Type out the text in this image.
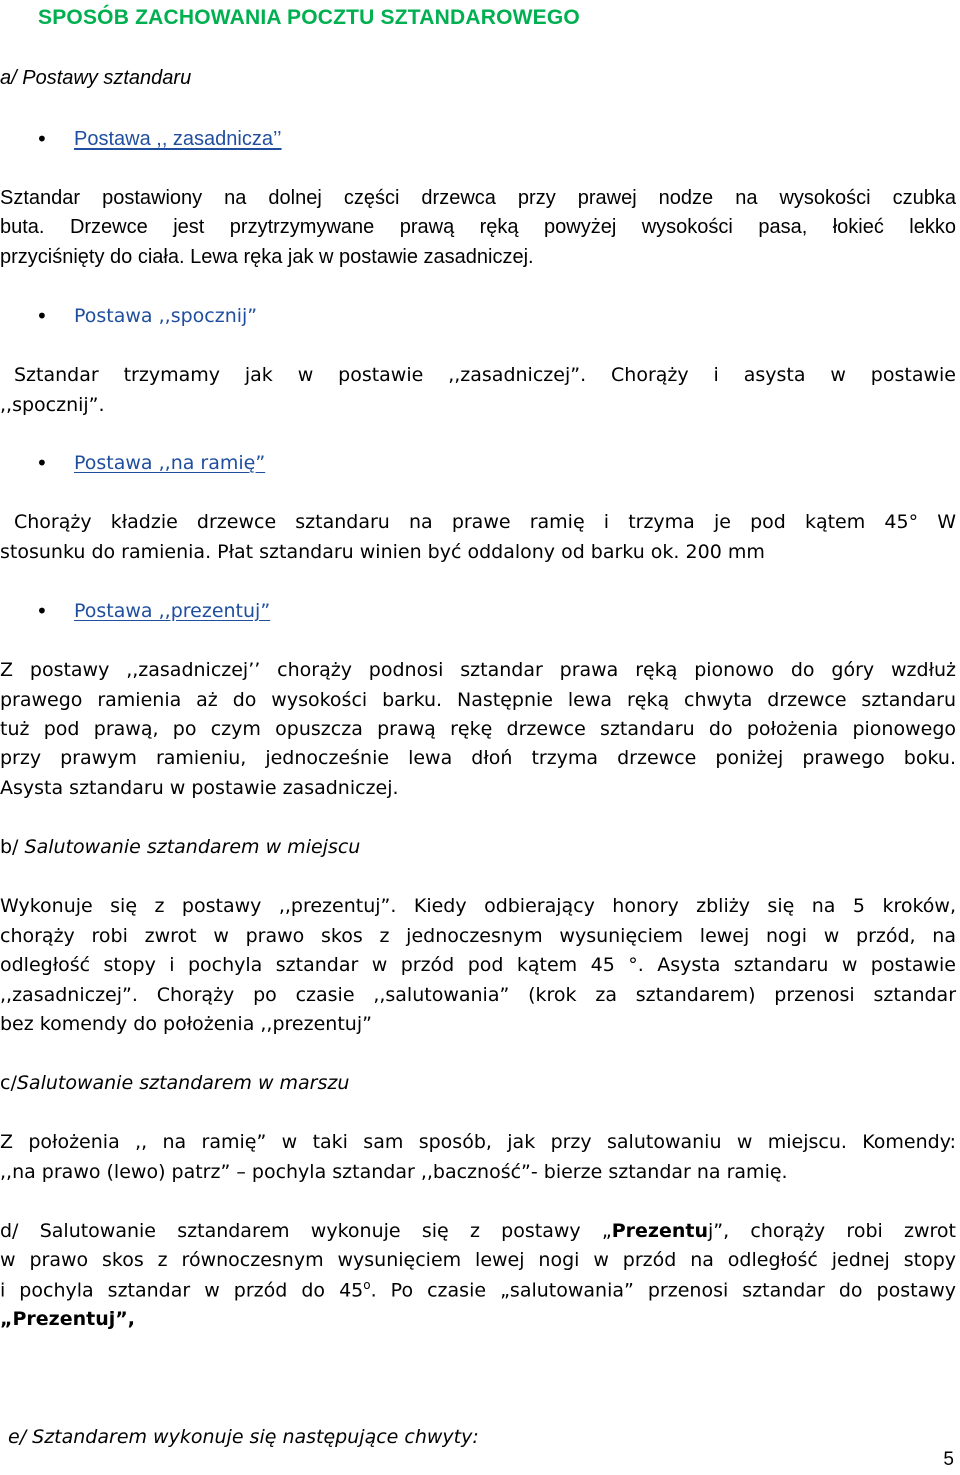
SPOSÓB ZACHOWANIA POCZTU SZTANDAROWEGO
a/ Postawy sztandaru
• Postawa ,, zasadnicza’’
Sztandar postawiony na dolnej części drzewca przy prawej nodze na wysokości czubka
buta. Drzewce jest przytrzymywane prawą ręką powyżej wysokości pasa, łokieć lekko
przyciśnięty do ciała. Lewa ręka jak w postawie zasadniczej.
• Postawa ,,spocznij”
Sztandar trzymamy jak w postawie ,,zasadniczej”. Chorąży i asysta w postawie
,,spocznij”.
• Postawa ,,na ramię”
Chorąży kładzie drzewce sztandaru na prawe ramię i trzyma je pod kątem 45° W
stosunku do ramienia. Płat sztandaru winien być oddalony od barku ok. 200 mm
• Postawa ,,prezentuj”
Z postawy ,,zasadniczej’’ chorąży podnosi sztandar prawa ręką pionowo do góry wzdłuż
prawego ramienia aż do wysokości barku. Następnie lewa ręką chwyta drzewce sztandaru
tuż pod prawą, po czym opuszcza prawą rękę drzewce sztandaru do położenia pionowego
przy prawym ramieniu, jednocześnie lewa dłoń trzyma drzewce poniżej prawego boku.
Asysta sztandaru w postawie zasadniczej.
b/ Salutowanie sztandarem w miejscu
Wykonuje się z postawy ,,prezentuj”. Kiedy odbierający honory zbliży się na 5 kroków,
chorąży robi zwrot w prawo skos z jednoczesnym wysunięciem lewej nogi w przód, na
odległość stopy i pochyla sztandar w przód pod kątem 45 °. Asysta sztandaru w postawie
,,zasadniczej”. Chorąży po czasie ,,salutowania” (krok za sztandarem) przenosi sztandar
bez komendy do położenia ,,prezentuj”
c/Salutowanie sztandarem w marszu
Z położenia ,, na ramię” w taki sam sposób, jak przy salutowaniu w miejscu. Komendy:
,,na prawo (lewo) patrz” – pochyla sztandar ,,baczność”- bierze sztandar na ramię.
d/ Salutowanie sztandarem wykonuje się z postawy „Prezentuj”, chorąży robi zwrot
w prawo skos z równoczesnym wysunięciem lewej nogi w przód na odległość jednej stopy
i pochyla sztandar w przód do 45$^o$. Po czasie „salutowania” przenosi sztandar do postawy
„Prezentuj”,
e/ Sztandarem wykonuje się następujące chwyty:
5
